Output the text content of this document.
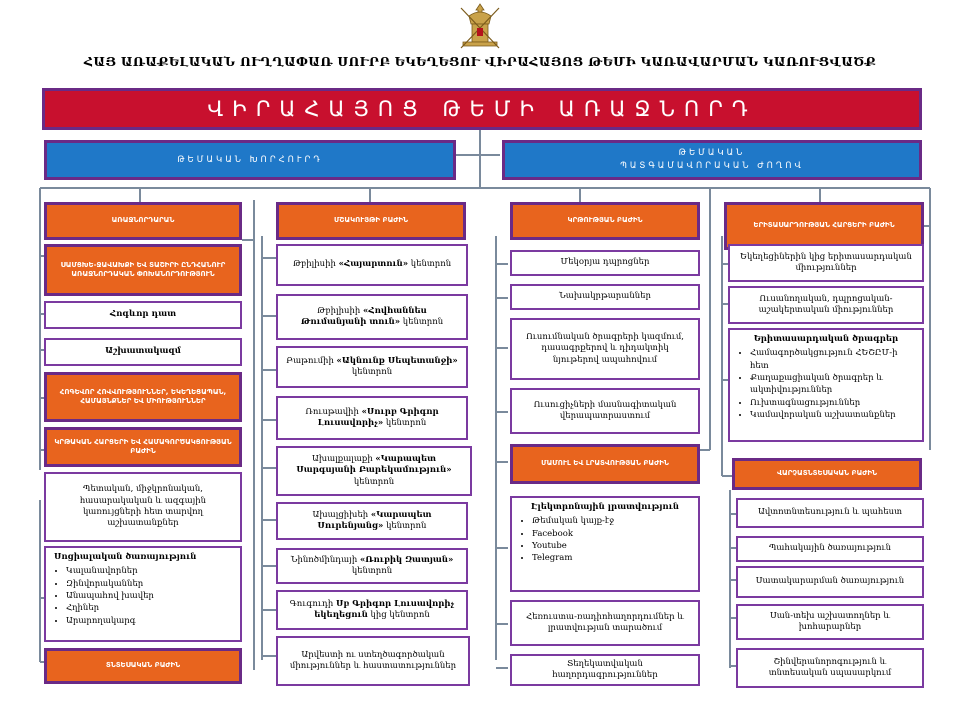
ՀԱՅ ԱՌԱՔԵԼԱԿԱՆ ՈՒՂՂԱՓԱՌ ՍՈՒՐԲ ԵԿԵՂԵՑՈՒ ՎԻՐԱՀԱՅՈՑ ԹԵՄԻ ԿԱՌԱՎԱՐՄԱՆ ԿԱՌՈՒՑՎԱԾՔ
ՎԻՐԱՀԱՅՈՑ ԹԵՄԻ ԱՌԱՋՆՈՐԴ
ԹԵՄԱԿԱՆ ԽՈՐՀՈՒՐԴ
ԹԵՄԱԿԱՆ
ՊԱՏԳԱՄԱՎՈՐԱԿԱՆ ԺՈՂՈՎ
ԱՌԱՋՆՈՐԴԱՐԱՆ
ՍԱՄՑԽԵ-ՋԱՎԱԽՔԻ ԵՎ ՏԱՇԻՐԻ ԸՆԴՀԱՆՈՒՐ ԱՌԱՋՆՈՐԴԱԿԱՆ ՓՈԽԱՆՈՐԴՈՒԹՅՈՒՆ
Հոգևոր դատ
Աշխատակազմ
ՀՈԳԵՎՈՐ ՀՈՎՎՈՒԹՅՈՒՆՆԵՐ, ԵԿԵՂԵՑԱՊԱՆ, ՀԱՄԱՅՆՔՆԵՐ ԵՎ ՄԻՈՒԹՅՈՒՆՆԵՐ
ԿՐԹԱԿԱՆ ՀԱՐՑԵՐԻ ԵՎ ՀԱՄԱԳՈՐԾԱԿՑՈՒԹՅԱՆ ԲԱԺԻՆ
Պետական, միջկրոնական, հասարակական և ազգային կառույցների հետ տարվող աշխատանքներ
Սոցիալական ծառայություն
• Կալանավորներ
• Զինվորականներ
• Անապահով խավեր
• Հղիներ
• Արարողակարգ
ՏՆՏԵՍԱԿԱՆ ԲԱԺԻՆ
ՄՇԱԿՈՒՅԹԻ ԲԱԺԻՆ
Թբիլիսիի «Հայարտուն» կենտրոն
Թբիլիսիի «Հովհաննես Թումանյանի տուն» կենտրոն
Բաթումիի «Ակնունք Սեպետանջի» կենտրոն
Ռուսթավիի «Սուրբ Գրիգոր Լուսավորիչ» կենտրոն
Ախալքալաքի «Կարապետ Սարգսյանի Բարեկամություն» կենտրոն
Ախալցիխեի «Կարապետ Սուրենյանց» կենտրոն
Նինոծմինդայի «Ռուբիկ Զատյան» կենտրոն
Գուգուդի Սբ Գրիգոր Լուսավորիչ եկեղեցուն կից կենտրոն
Արվեստի ու ստեղծագործական միություններ և հաստատություններ
ԿՐԹՈՒԹՅԱՆ ԲԱԺԻՆ
Մեկօրյա դպրոցներ
Նախակրթարաններ
Ուսումնական ծրագրերի կազմում, դասագրքերով և դիդակտիկ նյութերով ապահովում
Ուսուցիչների մասնագիտական վերապատրաստում
ՄԱՄՈՒԼ ԵՎ ԼՐԱՏՎՈՒԹՅԱՆ ԲԱԺԻՆ
Էլեկտրոնային լրատվություն
• Թեմական կայք-էջ
• Facebook
• Youtube
• Telegram
Հեռուստա-ռադիոհաղորդումներ և լրատվության տարածում
Տեղեկատվական հաղորդագրություններ
ԵՐԻՏԱՍԱՐԴՈՒԹՅԱՆ ՀԱՐՑԵՐԻ ԲԱԺԻՆ
Եկեղեցիներին կից երիտասարդական միություններ
Ուսանողական, դպրոցական-աշակերտական միություններ
Երիտասարդական ծրագրեր
• Համագործակցություն ՀԵՇԸՄ-ի հետ
• Քաղաքացիական ծրագրեր և ակտիվություններ
• Ուխտագնացություններ
• Կամավորական աշխատանքներ
ՎԱՐՉԱՏՆՏԵՍԱԿԱՆ ԲԱԺԻՆ
Ավտոտնտեսություն և պահեստ
Պահակային ծառայություն
Սատակարարման ծառայություն
Սան-տեխ աշխատողներ և խոհարարներ
Շինվերանորոգություն և տնտեսական սպասարկում
